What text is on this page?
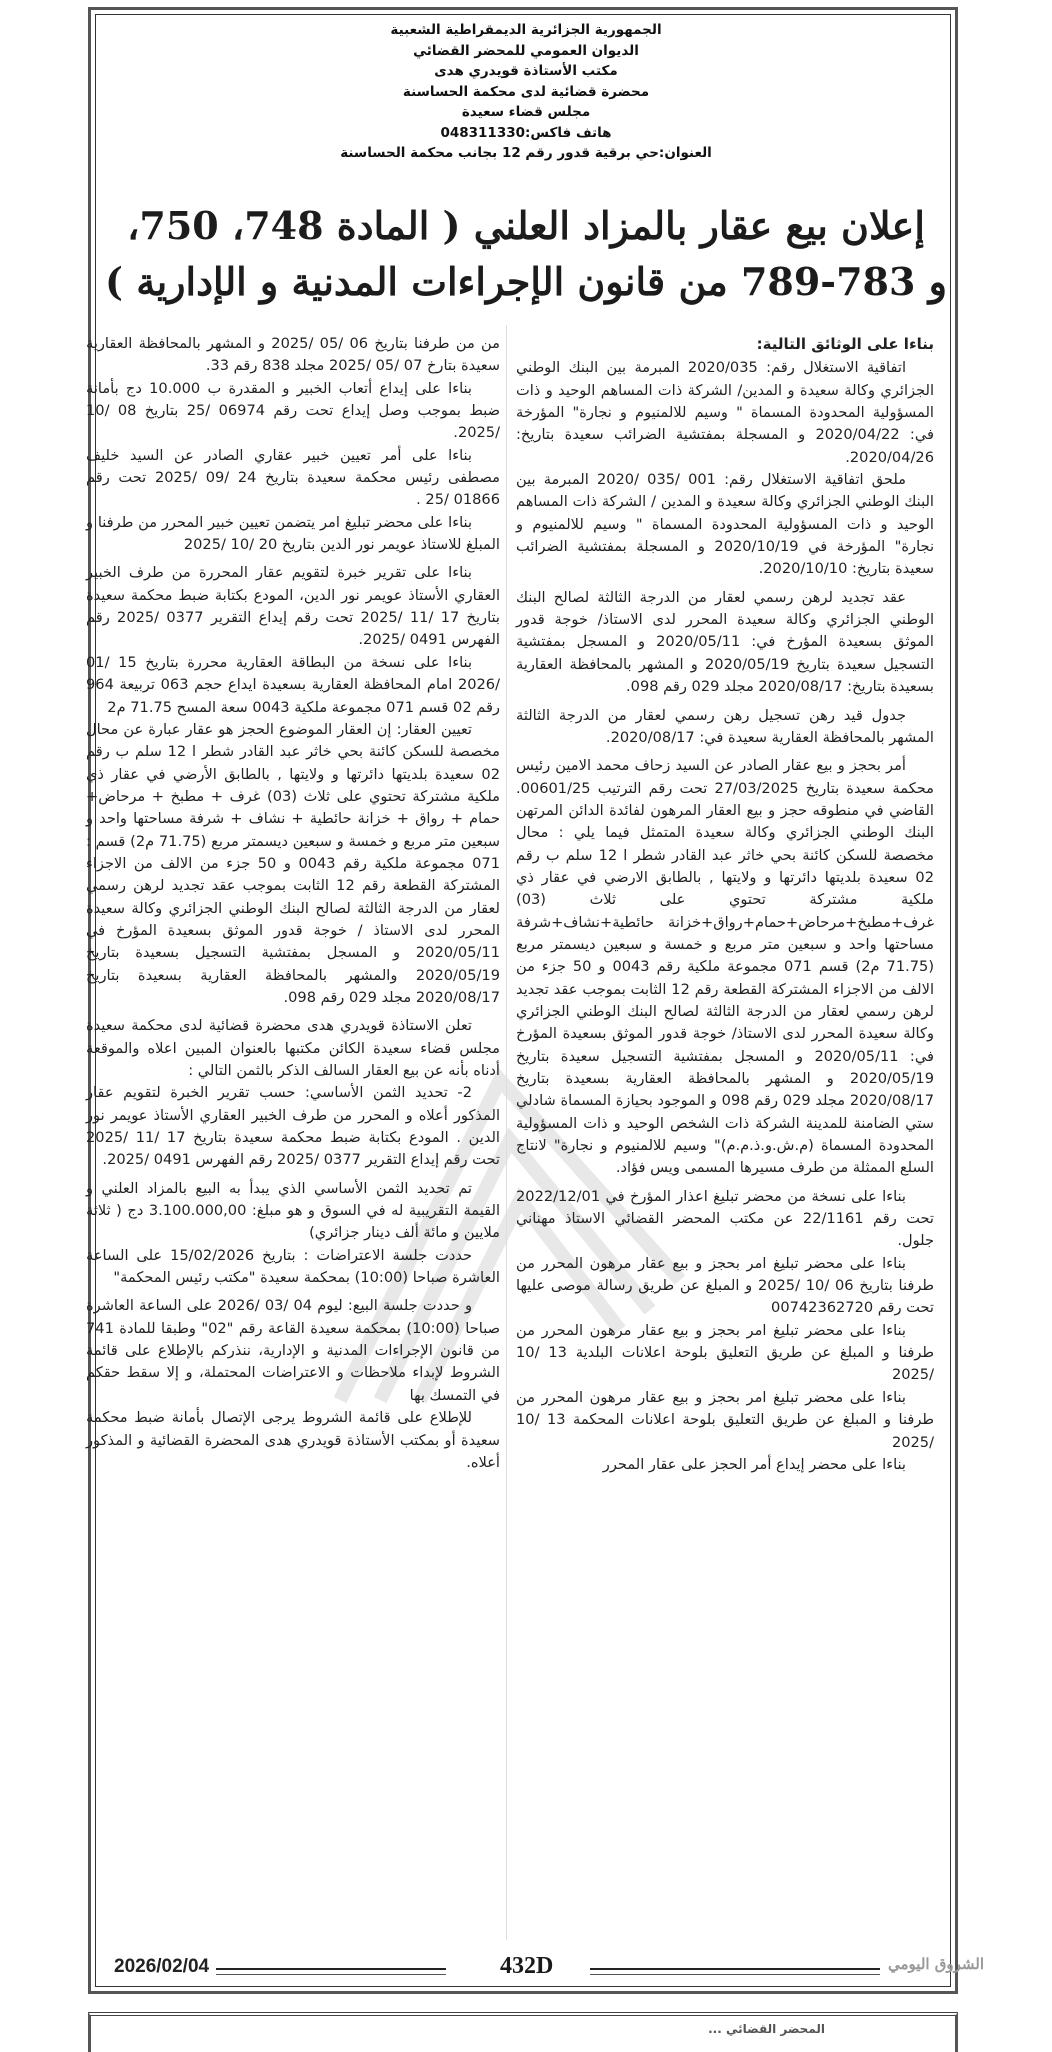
الجمهورية الجزائرية الديمقراطية الشعبية
الديوان العمومي للمحضر القضائي
مكتب الأستاذة قويدري هدى
محضرة قضائية لدى محكمة الحساسنة
مجلس قضاء سعيدة
هاتف فاكس:048311330
العنوان:حي برقية قدور رقم 12 بجانب محكمة الحساسنة
إعلان بيع عقار بالمزاد العلني ( المادة 748، 750،
و 783-789 من قانون الإجراءات المدنية و الإدارية )

بناءا على الوثائق التالية:

اتفاقية الاستغلال رقم: 2020/035 المبرمة بين البنك الوطني الجزائري وكالة سعيدة و المدين/ الشركة ذات المساهم الوحيد و ذات المسؤولية المحدودة المسماة " وسيم للالمنيوم و نجارة" المؤرخة في: 2020/04/22 و المسجلة بمفتشية الضرائب سعيدة بتاريخ: 2020/04/26.

ملحق اتفاقية الاستغلال رقم: 001 /035 /2020 المبرمة بين البنك الوطني الجزائري وكالة سعيدة و المدين / الشركة ذات المساهم الوحيد و ذات المسؤولية المحدودة المسماة " وسيم للالمنيوم و نجارة" المؤرخة في 2020/10/19 و المسجلة بمفتشية الضرائب سعيدة بتاريخ: 2020/10/10.

عقد تجديد لرهن رسمي لعقار من الدرجة الثالثة لصالح البنك الوطني الجزائري وكالة سعيدة المحرر لدى الاستاذ/ خوجة قدور الموثق بسعيدة المؤرخ في: 2020/05/11 و المسجل بمفتشية التسجيل سعيدة بتاريخ 2020/05/19 و المشهر بالمحافظة العقارية بسعيدة بتاريخ: 2020/08/17 مجلد 029 رقم 098.

جدول قيد رهن تسجيل رهن رسمي لعقار من الدرجة الثالثة المشهر بالمحافظة العقارية سعيدة في: 2020/08/17.

أمر بحجز و بيع عقار الصادر عن السيد زحاف محمد الامين رئيس محكمة سعيدة بتاريخ 27/03/2025 تحت رقم الترتيب 00601/25. القاضي في منطوقه حجز و بيع العقار المرهون لفائدة الدائن المرتهن البنك الوطني الجزائري وكالة سعيدة المتمثل فيما يلي : محال مخصصة للسكن كائنة بحي خاثر عبد القادر شطر ا 12 سلم ب رقم 02 سعيدة بلديتها دائرتها و ولايتها , بالطابق الارضي في عقار ذي ملكية مشتركة تحتوي على ثلاث (03) غرف+مطبخ+مرحاض+حمام+رواق+خزانة حائطية+نشاف+شرفة مساحتها واحد و سبعين متر مربع و خمسة و سبعين ديسمتر مربع (71.75 م2) قسم 071 مجموعة ملكية رقم 0043 و 50 جزء من الالف من الاجزاء المشتركة القطعة رقم 12 الثابت بموجب عقد تجديد لرهن رسمي لعقار من الدرجة الثالثة لصالح البنك الوطني الجزائري وكالة سعيدة المحرر لدى الاستاذ/ خوجة قدور الموثق بسعيدة المؤرخ في: 2020/05/11 و المسجل بمفتشية التسجيل سعيدة بتاريخ 2020/05/19 و المشهر بالمحافظة العقارية بسعيدة بتاريخ 2020/08/17 مجلد 029 رقم 098 و الموجود بحيازة المسماة شادلي ستي الضامنة للمدينة الشركة ذات الشخص الوحيد و ذات المسؤولية المحدودة المسماة (م.ش.و.ذ.م.م)" وسيم للالمنيوم و نجارة" لانتاج السلع الممثلة من طرف مسيرها المسمى ويس فؤاد.

بناءا على نسخة من محضر تبليغ اعذار المؤرخ في 2022/12/01 تحت رقم 22/1161 عن مكتب المحضر القضائي الاستاذ مهناني جلول.

بناءا على محضر تبليغ امر بحجز و بيع عقار مرهون المحرر من طرفنا بتاريخ 06 /10 /2025 و المبلغ عن طريق رسالة موصى عليها تحت رقم 00742362720

بناءا على محضر تبليغ امر بحجز و بيع عقار مرهون المحرر من طرفنا و المبلغ عن طريق التعليق بلوحة اعلانات البلدية 13 /10 /2025

بناءا على محضر تبليغ امر بحجز و بيع عقار مرهون المحرر من طرفنا و المبلغ عن طريق التعليق بلوحة اعلانات المحكمة 13 /10 /2025

بناءا على محضر إيداع أمر الحجز على عقار المحرر

من من طرفنا بتاريخ 06 /05 /2025 و المشهر بالمحافظة العقارية سعيدة بتارخ 07 /05 /2025 مجلد 838 رقم 33.

بناءا على إيداع أتعاب الخبير و المقدرة ب 10.000 دج بأمانة ضبط بموجب وصل إيداع تحت رقم 06974 /25 بتاريخ 08 /10 /2025.

بناءا على أمر تعيين خبير عقاري الصادر عن السيد خليف مصطفى رئيس محكمة سعيدة بتاريخ 24 /09 /2025 تحت رقم 01866 /25 .

بناءا على محضر تبليغ امر يتضمن تعيين خبير المحرر من طرفنا و المبلغ للاستاذ عويمر نور الدين بتاريخ 20 /10 /2025

بناءا على تقرير خبرة لتقويم عقار المحررة من طرف الخبير العقاري الأستاذ عويمر نور الدين، المودع بكتابة ضبط محكمة سعيدة بتاريخ 17 /11 /2025 تحت رقم إيداع التقرير 0377 /2025 رقم الفهرس 0491 /2025.

بناءا على نسخة من البطاقة العقارية محررة بتاريخ 15 /01 /2026 امام المحافظة العقارية بسعيدة ايداع حجم 063 تربيعة 964 رقم 02 قسم 071 مجموعة ملكية 0043 سعة المسح 71.75 م2

تعيين العقار: إن العقار الموضوع الحجز هو عقار عبارة عن محال مخصصة للسكن كائنة بحي خاثر عبد القادر شطر ا 12 سلم ب رقم 02 سعيدة بلديتها دائرتها و ولايتها , بالطابق الأرضي في عقار ذي ملكية مشتركة تحتوي على ثلاث (03) غرف + مطبخ + مرحاض+ حمام + رواق + خزانة حائطية + نشاف + شرفة مساحتها واحد و سبعين متر مربع و خمسة و سبعين ديسمتر مربع (71.75 م2) قسم : 071 مجموعة ملكية رقم 0043 و 50 جزء من الالف من الاجزاء المشتركة القطعة رقم 12 الثابت بموجب عقد تجديد لرهن رسمي لعقار من الدرجة الثالثة لصالح البنك الوطني الجزائري وكالة سعيدة المحرر لدى الاستاذ / خوجة قدور الموثق بسعيدة المؤرخ في 2020/05/11 و المسجل بمفتشية التسجيل بسعيدة بتاريخ 2020/05/19 والمشهر بالمحافظة العقارية بسعيدة بتاريخ 2020/08/17 مجلد 029 رقم 098.

تعلن الاستاذة قويدري هدى محضرة قضائية لدى محكمة سعيدة مجلس قضاء سعيدة الكائن مكتبها بالعنوان المبين اعلاه والموقعة أدناه بأنه عن بيع العقار السالف الذكر بالثمن التالي :

2- تحديد الثمن الأساسي: حسب تقرير الخبرة لتقويم عقار المذكور أعلاه و المحرر من طرف الخبير العقاري الأستاذ عويمر نور الدين . المودع بكتابة ضبط محكمة سعيدة بتاريخ 17 /11 /2025 تحت رقم إيداع التقرير 0377 /2025 رقم الفهرس 0491 /2025.

تم تحديد الثمن الأساسي الذي يبدأ به البيع بالمزاد العلني و القيمة التقريبية له في السوق و هو مبلغ: 3.100.000,00 دج ( ثلاثة ملايين و مائة ألف دينار جزائري)

حددت جلسة الاعتراضات : بتاريخ 15/02/2026 على الساعة العاشرة صباحا (10:00) بمحكمة سعيدة "مكتب رئيس المحكمة"

و حددت جلسة البيع: ليوم 04 /03 /2026 على الساعة العاشرة صباحا (10:00) بمحكمة سعيدة القاعة رقم "02" وطبقا للمادة 741 من قانون الإجراءات المدنية و الإدارية، ننذركم بالإطلاع على قائمة الشروط لإبداء ملاحظات و الاعتراضات المحتملة، و إلا سقط حقكم في التمسك بها

للإطلاع على قائمة الشروط يرجى الإتصال بأمانة ضبط محكمة سعيدة أو بمكتب الأستاذة قويدري هدى المحضرة القضائية و المذكور أعلاه.

2026/02/04	432D	الشروق اليومي
المحضر القضائي ...
